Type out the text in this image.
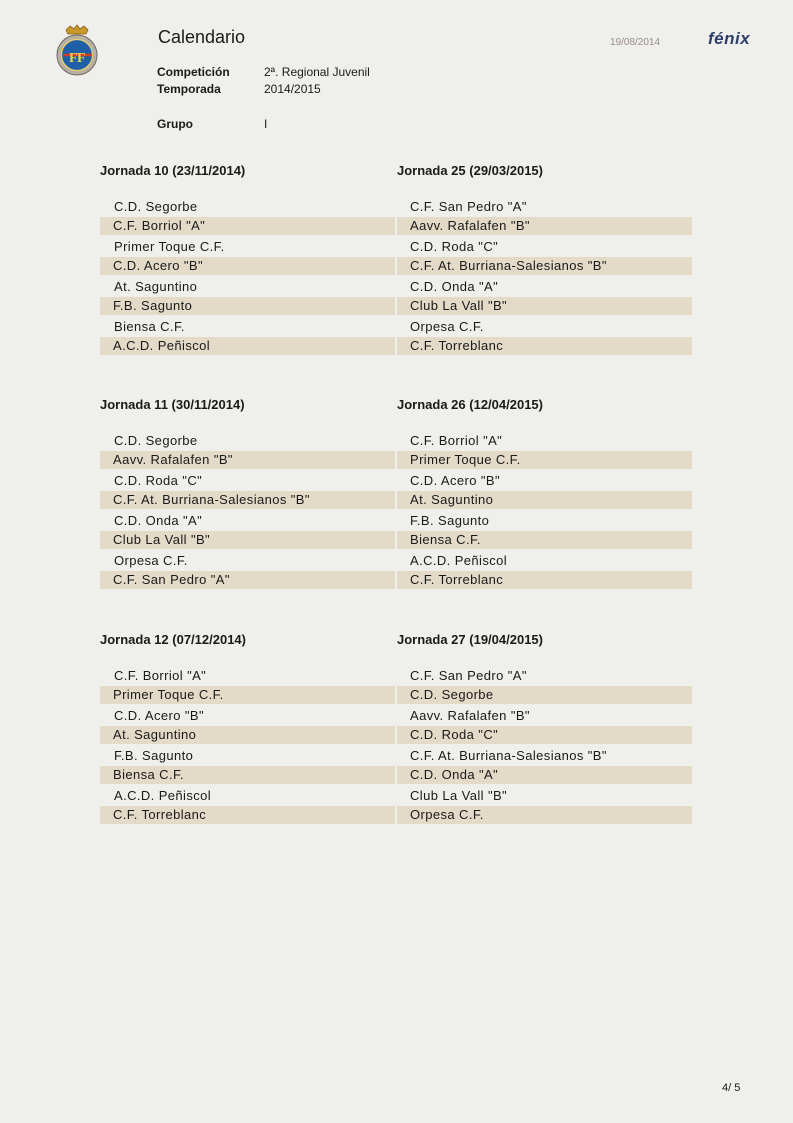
F F
Calendario	19/08/2014	fénix
Competición	2ª. Regional Juvenil
Temporada	2014/2015
Grupo	I
Jornada 10 (23/11/2014)
C.D. Segorbe
C.F. Borriol "A"
Primer Toque C.F.
C.D. Acero "B"
At. Saguntino
F.B. Sagunto
Biensa C.F.
A.C.D. Peñiscol
Jornada 25 (29/03/2015)
C.F. San Pedro "A"
Aavv. Rafalafen "B"
C.D. Roda "C"
C.F. At. Burriana-Salesianos "B"
C.D. Onda "A"
Club La Vall "B"
Orpesa C.F.
C.F. Torreblanc
Jornada 11 (30/11/2014)
C.D. Segorbe
Aavv. Rafalafen "B"
C.D. Roda "C"
C.F. At. Burriana-Salesianos "B"
C.D. Onda "A"
Club La Vall "B"
Orpesa C.F.
C.F. San Pedro "A"
Jornada 26 (12/04/2015)
C.F. Borriol "A"
Primer Toque C.F.
C.D. Acero "B"
At. Saguntino
F.B. Sagunto
Biensa C.F.
A.C.D. Peñiscol
C.F. Torreblanc
Jornada 12 (07/12/2014)
C.F. Borriol "A"
Primer Toque C.F.
C.D. Acero "B"
At. Saguntino
F.B. Sagunto
Biensa C.F.
A.C.D. Peñiscol
C.F. Torreblanc
Jornada 27 (19/04/2015)
C.F. San Pedro "A"
C.D. Segorbe
Aavv. Rafalafen "B"
C.D. Roda "C"
C.F. At. Burriana-Salesianos "B"
C.D. Onda "A"
Club La Vall "B"
Orpesa C.F.
4/ 5
